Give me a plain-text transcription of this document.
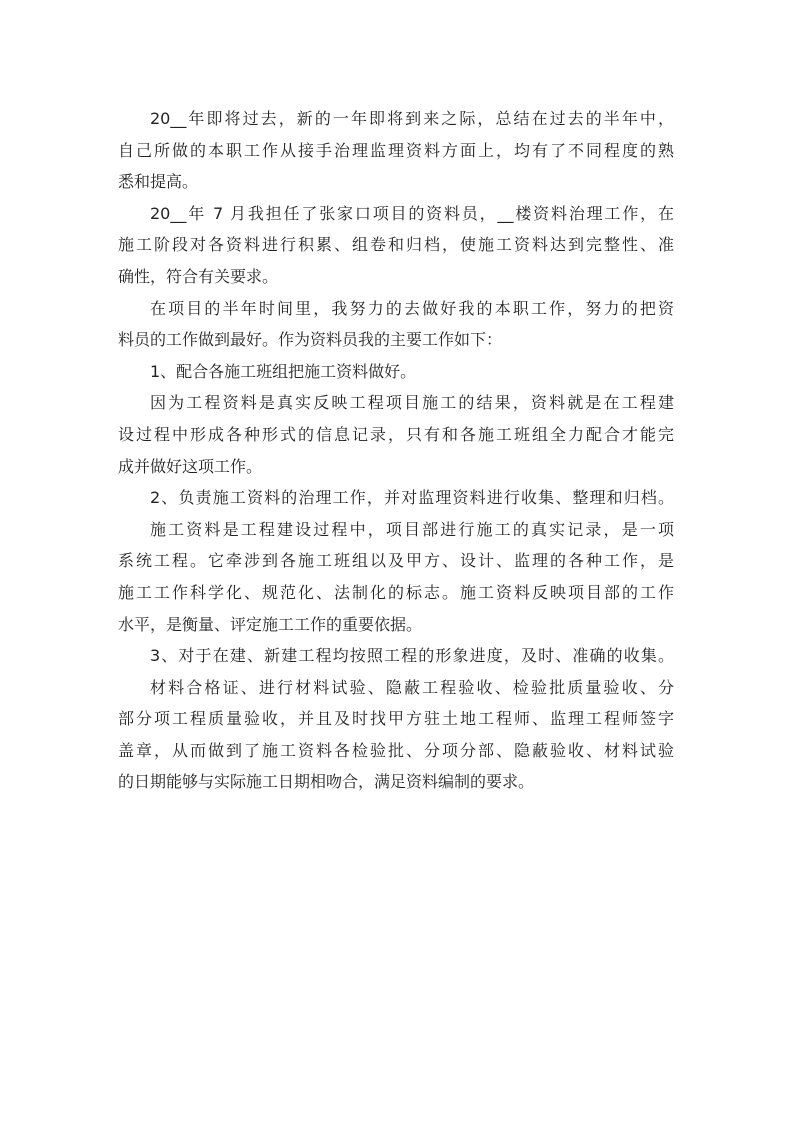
20__年即将过去，新的一年即将到来之际，总结在过去的半年中，
自己所做的本职工作从接手治理监理资料方面上，均有了不同程度的熟
悉和提高。
20__年 7 月我担任了张家口项目的资料员，__楼资料治理工作，在
施工阶段对各资料进行积累、组卷和归档，使施工资料达到完整性、准
确性，符合有关要求。
在项目的半年时间里，我努力的去做好我的本职工作，努力的把资
料员的工作做到最好。作为资料员我的主要工作如下：
1、配合各施工班组把施工资料做好。
因为工程资料是真实反映工程项目施工的结果，资料就是在工程建
设过程中形成各种形式的信息记录，只有和各施工班组全力配合才能完
成并做好这项工作。
2、负责施工资料的治理工作，并对监理资料进行收集、整理和归档。
施工资料是工程建设过程中，项目部进行施工的真实记录，是一项
系统工程。它牵涉到各施工班组以及甲方、设计、监理的各种工作，是
施工工作科学化、规范化、法制化的标志。施工资料反映项目部的工作
水平，是衡量、评定施工工作的重要依据。
3、对于在建、新建工程均按照工程的形象进度，及时、准确的收集。
材料合格证、进行材料试验、隐蔽工程验收、检验批质量验收、分
部分项工程质量验收，并且及时找甲方驻土地工程师、监理工程师签字
盖章，从而做到了施工资料各检验批、分项分部、隐蔽验收、材料试验
的日期能够与实际施工日期相吻合，满足资料编制的要求。
